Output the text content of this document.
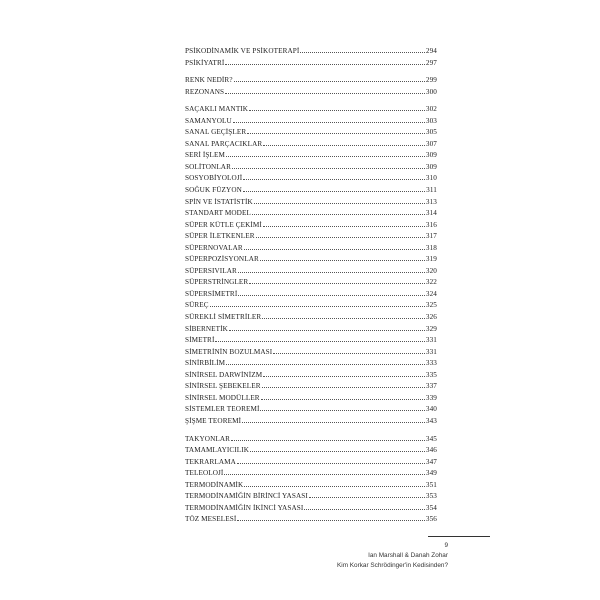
PSİKODİNAMİK VE PSİKOTERAPİ	294
PSİKİYATRİ	297
RENK NEDİR?	299
REZONANS	300
SAÇAKLI MANTIK	302
SAMANYOLU	303
SANAL GEÇİŞLER	305
SANAL PARÇACIKLAR	307
SERİ İŞLEM	309
SOLİTONLAR	309
SOSYOBİYOLOJİ	310
SOĞUK FÜZYON	311
SPİN VE İSTATİSTİK	313
STANDART MODEL	314
SÜPER KÜTLE ÇEKİMİ	316
SÜPER İLETKENLER	317
SÜPERNOVALAR	318
SÜPERPOZİSYONLAR	319
SÜPERSIVILAR	320
SÜPERSTRİNGLER	322
SÜPERSİMETRİ	324
SÜREÇ	325
SÜREKLİ SİMETRİLER	326
SİBERNETİK	329
SİMETRİ	331
SİMETRİNİN BOZULMASI	331
SİNİRBİLİM	333
SİNİRSEL DARWİNİZM	335
SİNİRSEL ŞEBEKELER	337
SİNİRSEL MODÜLLER	339
SİSTEMLER TEOREMİ	340
ŞİŞME TEOREMİ	343
TAKYONLAR	345
TAMAMLAYICILIK	346
TEKRARLAMA	347
TELEOLOJİ	349
TERMODİNAMİK	351
TERMODİNAMİĞİN BİRİNCİ YASASI	353
TERMODİNAMİĞİN İKİNCİ YASASI	354
TÖZ MESELESİ	356
9
Ian Marshall & Danah Zohar
Kim Korkar Schrödinger'in Kedisinden?
